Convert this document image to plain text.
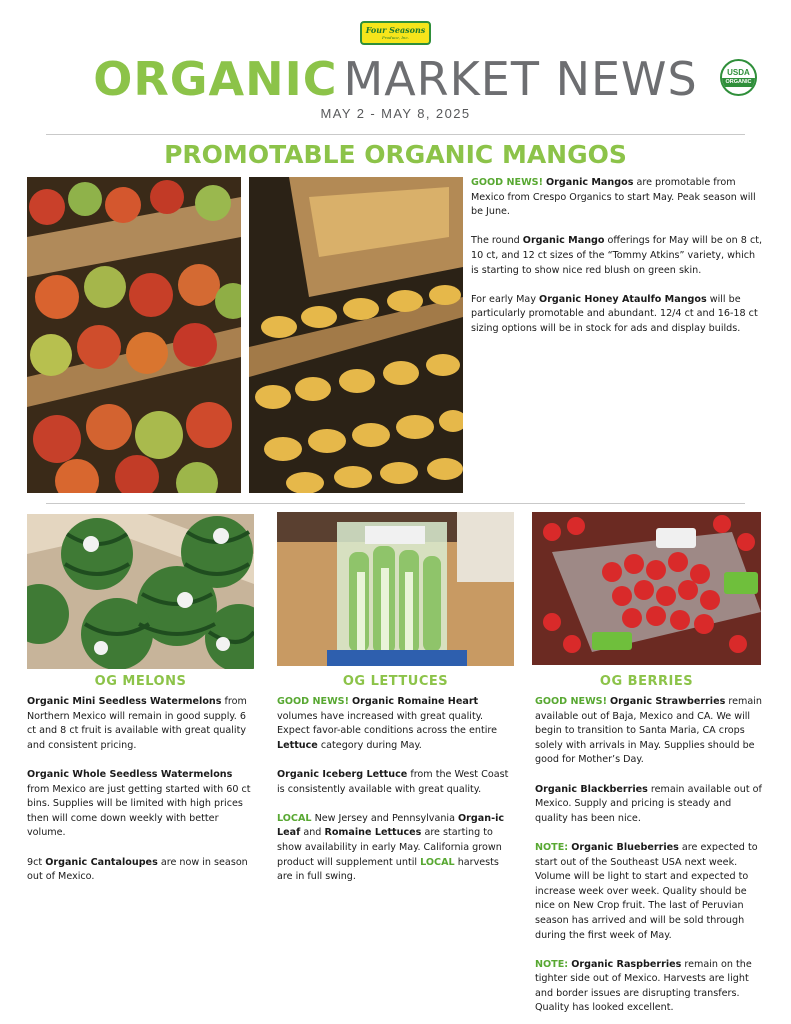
Four Seasons
Produce, Inc.
ORGANIC MARKET NEWS	USDA
ORGANIC
MAY 2 - MAY 8, 2025
PROMOTABLE ORGANIC MANGOS

GOOD NEWS! Organic Mangos are promotable from Mexico from Crespo Organics to start May. Peak season will be June.

The round Organic Mango offerings for May will be on 8 ct, 10 ct, and 12 ct sizes of the “Tommy Atkins” variety, which is starting to show nice red blush on green skin.

For early May Organic Honey Ataulfo Mangos will be particularly promotable and abundant. 12/4 ct and 16-18 ct sizing options will be in stock for ads and display builds.

OG MELONS

Organic Mini Seedless Watermelons from Northern Mexico will remain in good supply. 6 ct and 8 ct fruit is available with great quality and consistent pricing.

Organic Whole Seedless Watermelons from Mexico are just getting started with 60 ct bins. Supplies will be limited with high prices then will come down weekly with better volume.

9ct Organic Cantaloupes are now in season out of Mexico.

OG LETTUCES

GOOD NEWS! Organic Romaine Heart volumes have increased with great quality. Expect favor-able conditions across the entire Lettuce category during May.

Organic Iceberg Lettuce from the West Coast is consistently available with great quality.

LOCAL New Jersey and Pennsylvania Organ-ic Leaf and Romaine Lettuces are starting to show availability in early May. California grown product will supplement until LOCAL harvests are in full swing.

OG BERRIES

GOOD NEWS! Organic Strawberries remain available out of Baja, Mexico and CA. We will begin to transition to Santa Maria, CA crops solely with arrivals in May. Supplies should be good for Mother’s Day.

Organic Blackberries remain available out of Mexico. Supply and pricing is steady and quality has been nice.

NOTE: Organic Blueberries are expected to start out of the Southeast USA next week. Volume will be light to start and expected to increase week over week. Quality should be nice on New Crop fruit. The last of Peruvian season has arrived and will be sold through during the first week of May.

NOTE: Organic Raspberries remain on the tighter side out of Mexico. Harvests are light and border issues are disrupting transfers. Quality has looked excellent.
